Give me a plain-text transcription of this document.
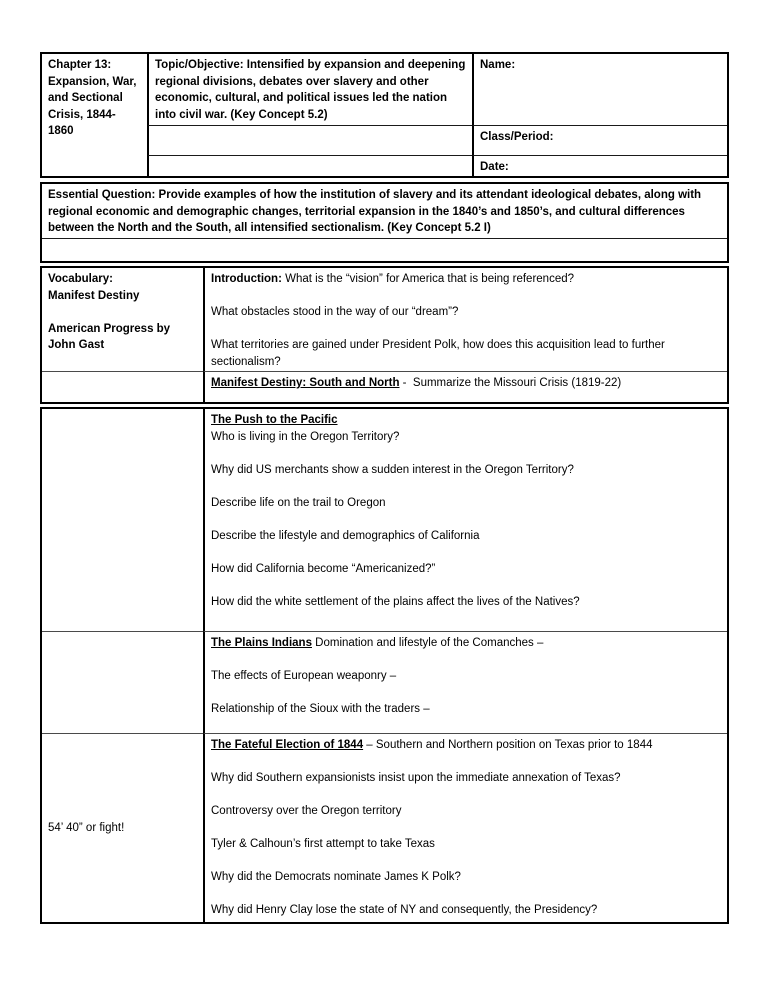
Chapter 13: Expansion, War, and Sectional Crisis, 1844-1860
Topic/Objective: Intensified by expansion and deepening regional divisions, debates over slavery and other economic, cultural, and political issues led the nation into civil war. (Key Concept 5.2)
Name:
Class/Period:
Date:
Essential Question: Provide examples of how the institution of slavery and its attendant ideological debates, along with regional economic and demographic changes, territorial expansion in the 1840’s and 1850’s, and cultural differences between the North and the South, all intensified sectionalism. (Key Concept 5.2 I)
Vocabulary:
Manifest Destiny
American Progress by John Gast
Introduction: What is the “vision” for America that is being referenced?
What obstacles stood in the way of our “dream”?
What territories are gained under President Polk, how does this acquisition lead to further sectionalism?
Manifest Destiny: South and North -  Summarize the Missouri Crisis (1819-22)
The Push to the Pacific
Who is living in the Oregon Territory?
Why did US merchants show a sudden interest in the Oregon Territory?
Describe life on the trail to Oregon
Describe the lifestyle and demographics of California
How did California become “Americanized?”
How did the white settlement of the plains affect the lives of the Natives?
The Plains Indians Domination and lifestyle of the Comanches –
The effects of European weaponry –
Relationship of the Sioux with the traders –
54’ 40” or fight!
The Fateful Election of 1844 – Southern and Northern position on Texas prior to 1844
Why did Southern expansionists insist upon the immediate annexation of Texas?
Controversy over the Oregon territory
Tyler & Calhoun’s first attempt to take Texas
Why did the Democrats nominate James K Polk?
Why did Henry Clay lose the state of NY and consequently, the Presidency?
